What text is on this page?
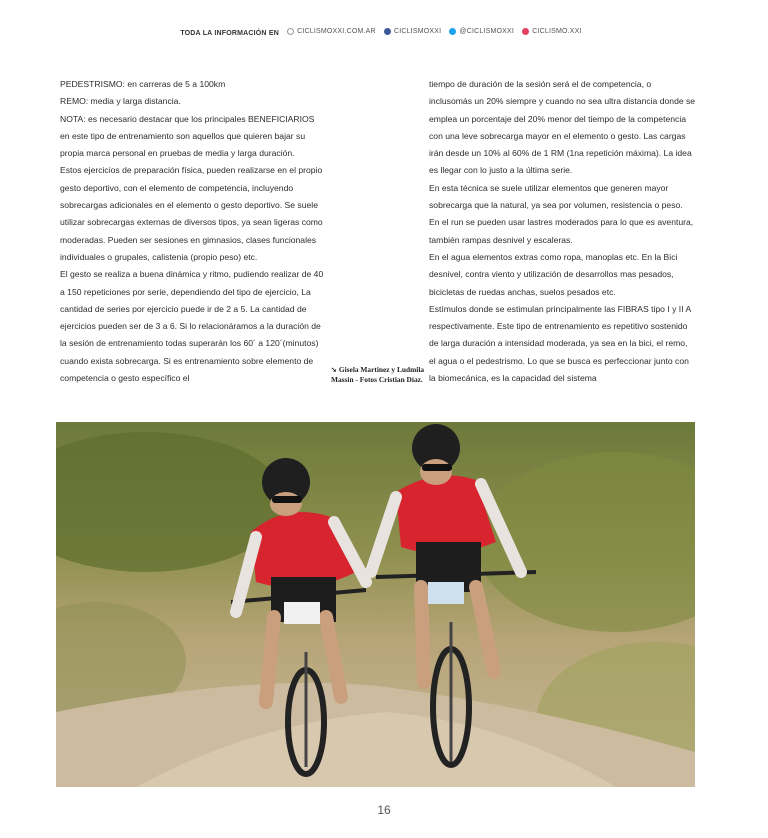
TODA LA INFORMACIÓN EN	CICLISMOXXI.COM.AR
	CICLISMOXXI
	@CICLISMOXXI
	CICLISMO.XXI

PEDESTRISMO: en carreras de 5 a 100km

REMO: media y larga distancia.

NOTA: es necesario destacar que los principales BENEFICIARIOS en este tipo de entrenamiento son aquellos que quieren bajar su propia marca personal en pruebas de media y larga duración.

Estos ejercicios de preparación física, pueden realizarse en el propio gesto deportivo, con el elemento de competencia, incluyendo sobrecargas adicionales en el elemento o gesto deportivo. Se suele utilizar sobrecargas externas de diversos tipos, ya sean ligeras como moderadas. Pueden ser sesiones en gimnasios, clases funcionales individuales o grupales, calistenia (propio peso) etc.

El gesto se realiza a buena dinámica y ritmo, pudiendo realizar de 40 a 150 repeticiones por serie, dependiendo del tipo de ejercicio, La cantidad de series por ejercicio puede ir de 2 a 5. La cantidad de ejercicios pueden ser de 3 a 6. Si lo relacionáramos a la duración de la sesión de entrenamiento todas superarán los 60´ a 120´(minutos) cuando exista sobrecarga. Si es entrenamiento sobre elemento de competencia o gesto específico el

➘ Gisela Martinez y Ludmila Massin - Fotos Cristian Díaz.

tiempo de duración de la sesión será el de competencia, o inclusomás un 20% siempre y cuando no sea ultra distancia donde se emplea un porcentaje del 20% menor del tiempo de la competencia con una leve sobrecarga mayor en el elemento o gesto. Las cargas irán desde un 10% al 60% de 1 RM (1na repetición máxima). La idea es llegar con lo justo a la última serie.

En esta técnica se suele utilizar elementos que generen mayor sobrecarga que la natural, ya sea por volumen, resistencia o peso.

En el run se pueden usar lastres moderados para lo que es aventura, también rampas desnivel y escaleras.

En el agua elementos extras como ropa, manoplas etc. En la Bici desnivel, contra viento y utilización de desarrollos mas pesados, bicicletas de ruedas anchas, suelos pesados etc.

Estímulos donde se estimulan principalmente las FIBRAS tipo I y II A respectivamente. Este tipo de entrenamiento es repetitivo sostenido de larga duración a intensidad moderada, ya sea en la bici, el remo, el agua o el pedestrismo. Lo que se busca es perfeccionar junto con la biomecánica, es la capacidad del sistema

16
